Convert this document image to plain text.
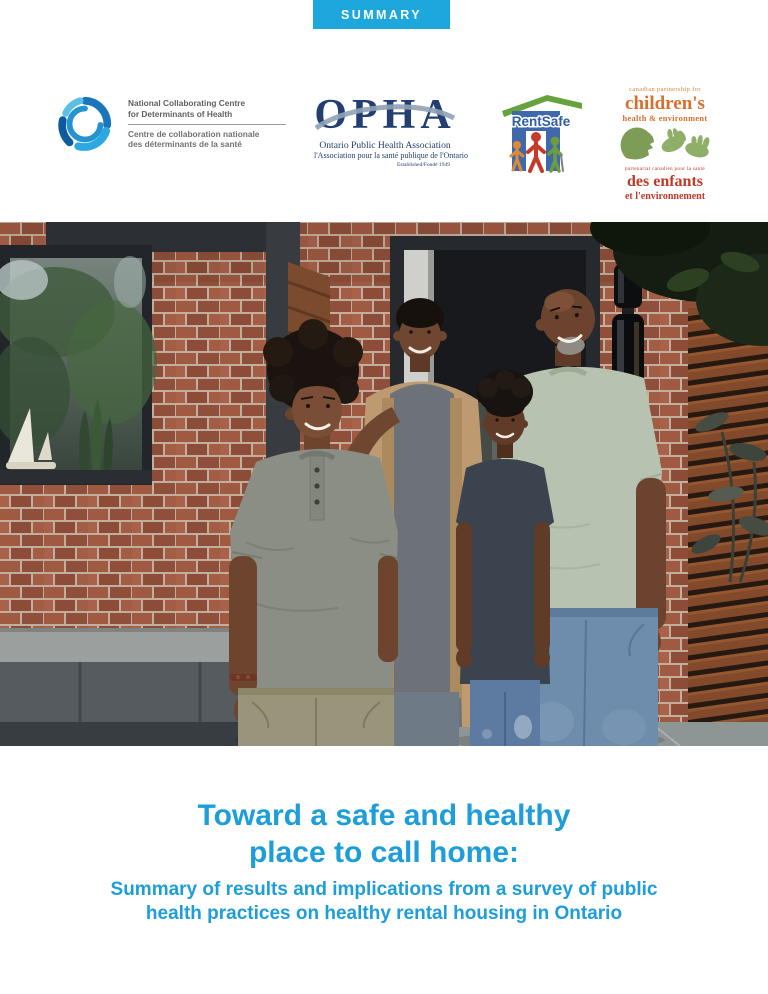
SUMMARY
National Collaborating Centre
for Determinants of Health
Centre de collaboration nationale
des déterminants de la santé
OPHA
Ontario Public Health Association
l'Association pour la santé publique de l'Ontario
Established/Fondé 1949
RentSafe
canadian partnership for
children's
health & environment
partenariat canadien pour la santé
des enfants
et l'environnement
Toward a safe and healthy
place to call home:

Summary of results and implications from a survey of public
health practices on healthy rental housing in Ontario
